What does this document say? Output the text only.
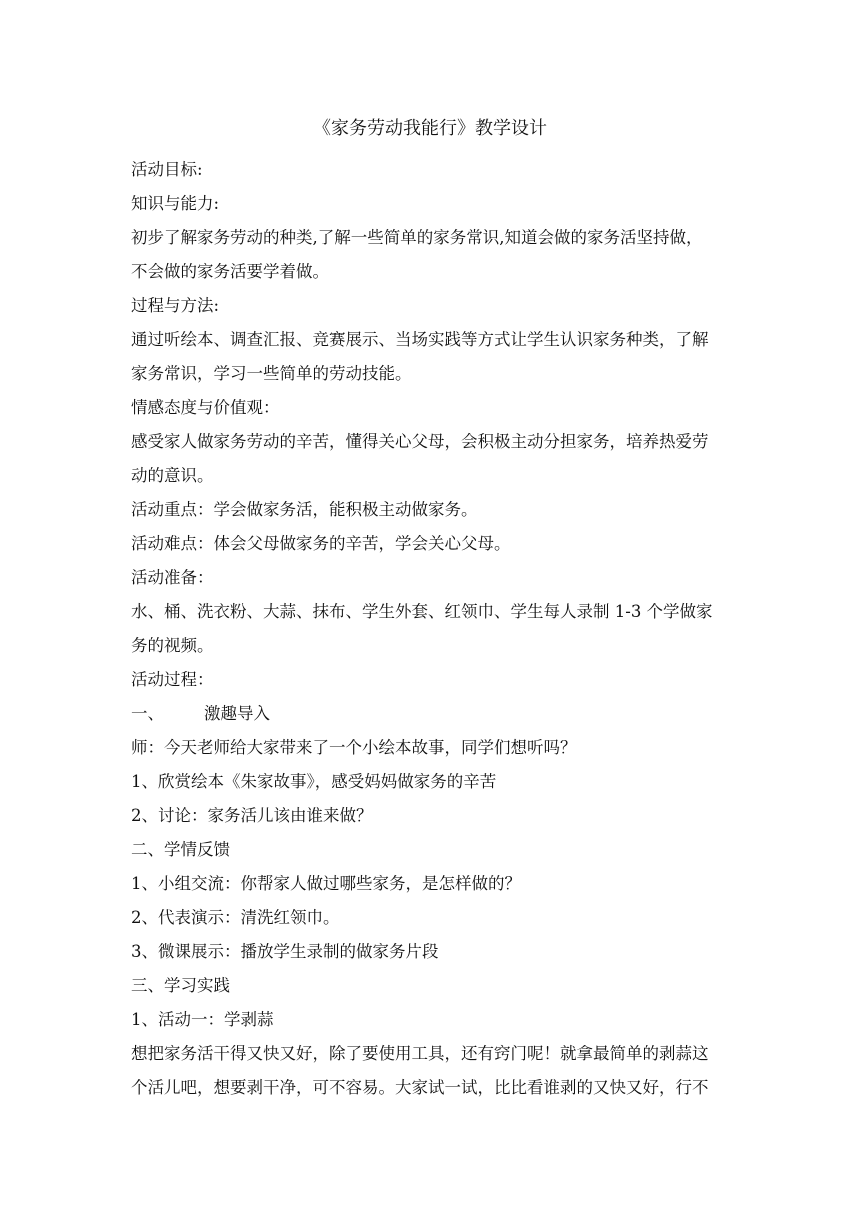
《家务劳动我能行》教学设计

活动目标:

知识与能力:

初步了解家务劳动的种类,了解一些简单的家务常识,知道会做的家务活坚持做，

不会做的家务活要学着做。

过程与方法:

通过听绘本、调查汇报、竞赛展示、当场实践等方式让学生认识家务种类，了解

家务常识，学习一些简单的劳动技能。

情感态度与价值观：

感受家人做家务劳动的辛苦，懂得关心父母，会积极主动分担家务，培养热爱劳

动的意识。

活动重点：学会做家务活，能积极主动做家务。

活动难点：体会父母做家务的辛苦，学会关心父母。

活动准备：

水、桶、洗衣粉、大蒜、抹布、学生外套、红领巾、学生每人录制 1-3 个学做家

务的视频。

活动过程：

一、 激趣导入

师：今天老师给大家带来了一个小绘本故事，同学们想听吗？

1、欣赏绘本《朱家故事》，感受妈妈做家务的辛苦

2、讨论：家务活儿该由谁来做？

二、学情反馈

1、小组交流：你帮家人做过哪些家务，是怎样做的？

2、代表演示：清洗红领巾。

3、微课展示：播放学生录制的做家务片段

三、学习实践

1、活动一：学剥蒜

想把家务活干得又快又好，除了要使用工具，还有窍门呢！就拿最简单的剥蒜这

个活儿吧，想要剥干净，可不容易。大家试一试，比比看谁剥的又快又好，行不
